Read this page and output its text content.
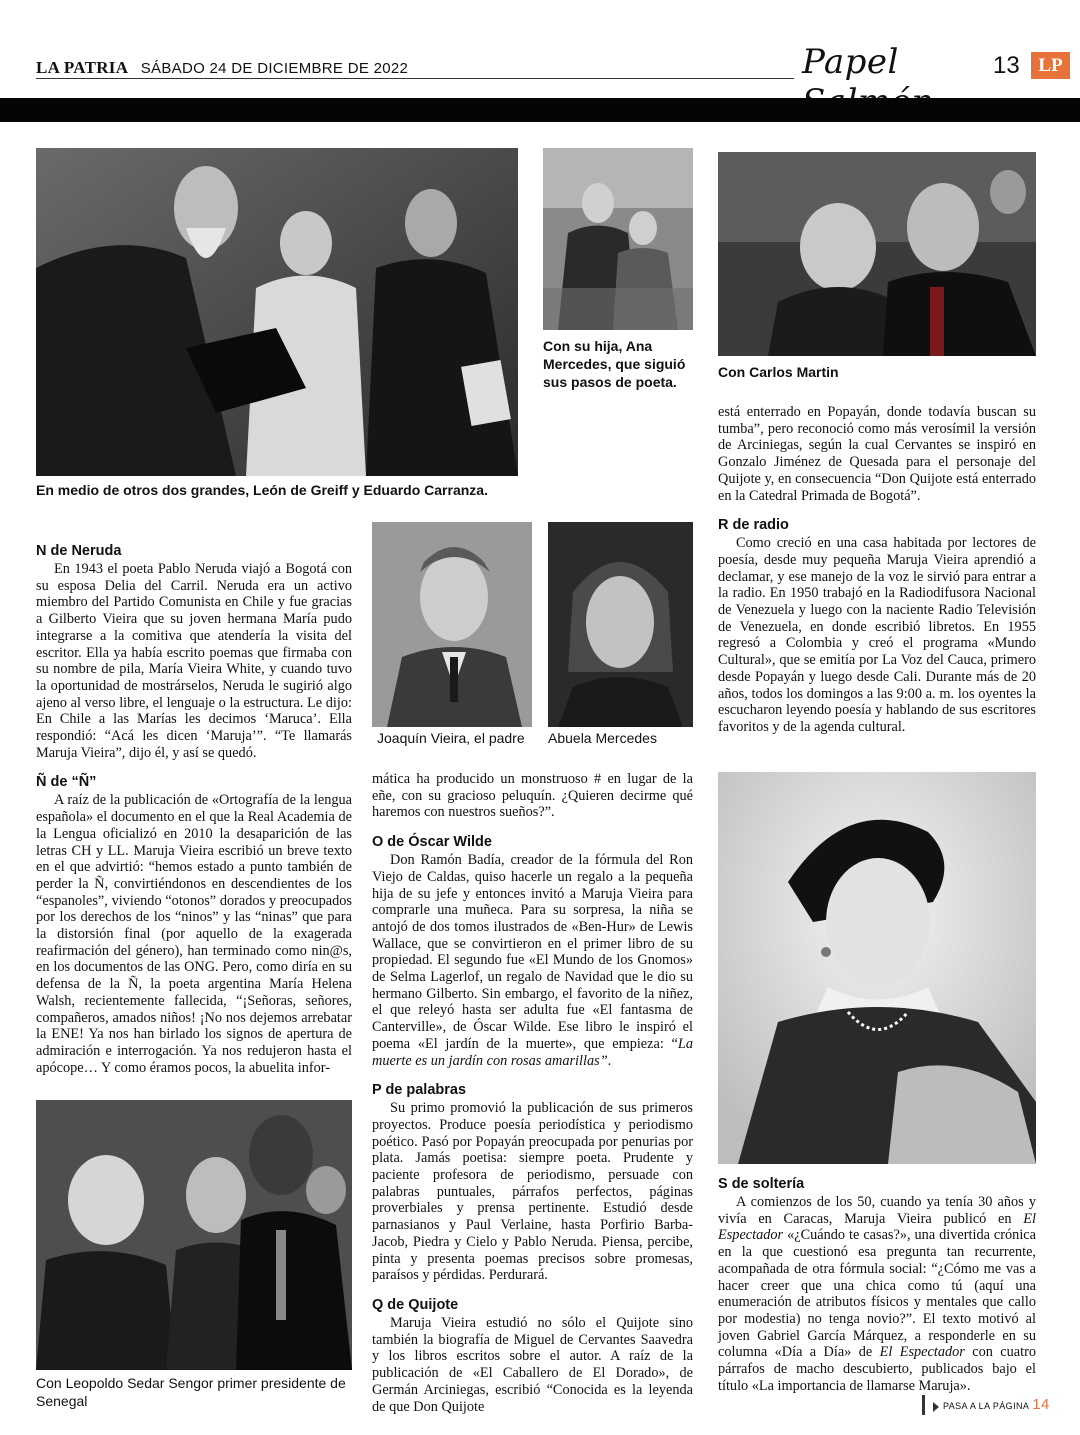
LA PATRIA SÁBADO 24 DE DICIEMBRE DE 2022	Papel	13 LP
En medio de otros dos grandes, León de Greiff y Eduardo Carranza.
Con su hija, Ana Mercedes, que siguió sus pasos de poeta.
Con Carlos Martin
Joaquín Vieira, el padre	Abuela Mercedes
Con Leopoldo Sedar Sengor primer presidente de Senegal
N de Neruda

En 1943 el poeta Pablo Neruda viajó a Bogotá con su esposa Delia del Carril. Neruda era un activo miembro del Partido Comunista en Chile y fue gracias a Gilberto Vieira que su joven hermana María pudo integrarse a la comitiva que atendería la visita del escritor. Ella ya había escrito poemas que firmaba con su nombre de pila, María Vieira White, y cuando tuvo la oportunidad de mostrárselos, Neruda le sugirió algo ajeno al verso libre, el lenguaje o la estructura. Le dijo: En Chile a las Marías les decimos ‘Maruca’. Ella respondió: “Acá les dicen ‘Maruja’”. “Te llamarás Maruja Vieira”, dijo él, y así se quedó.

Ñ de “Ñ”

A raíz de la publicación de «Ortografía de la lengua española» el documento en el que la Real Academia de la Lengua oficializó en 2010 la desaparición de las letras CH y LL. Maruja Vieira escribió un breve texto en el que advirtió: “hemos estado a punto también de perder la Ñ, convirtiéndonos en descendientes de los “espanoles”, viviendo “otonos” dorados y preocupados por los derechos de los “ninos” y las “ninas” que para la distorsión final (por aquello de la exagerada reafirmación del género), han terminado como nin@s, en los documentos de las ONG. Pero, como diría en su defensa de la Ñ, la poeta argentina María Helena Walsh, recientemente fallecida, “¡Señoras, señores, compañeros, amados niños! ¡No nos dejemos arrebatar la ENE! Ya nos han birlado los signos de apertura de admiración e interrogación. Ya nos redujeron hasta el apócope… Y como éramos pocos, la abuelita infor-

mática ha producido un monstruoso # en lugar de la eñe, con su gracioso peluquín. ¿Quieren decirme qué haremos con nuestros sueños?”.

O de Óscar Wilde

Don Ramón Badía, creador de la fórmula del Ron Viejo de Caldas, quiso hacerle un regalo a la pequeña hija de su jefe y entonces invitó a Maruja Vieira para comprarle una muñeca. Para su sorpresa, la niña se antojó de dos tomos ilustrados de «Ben-Hur» de Lewis Wallace, que se convirtieron en el primer libro de su propiedad. El segundo fue «El Mundo de los Gnomos» de Selma Lagerlof, un regalo de Navidad que le dio su hermano Gilberto. Sin embargo, el favorito de la niñez, el que releyó hasta ser adulta fue «El fantasma de Canterville», de Óscar Wilde. Ese libro le inspiró el poema «El jardín de la muerte», que empieza: “La muerte es un jardín con rosas amarillas”.

P de palabras

Su primo promovió la publicación de sus primeros proyectos. Produce poesía periodística y periodismo poético. Pasó por Popayán preocupada por penurias por plata. Jamás poetisa: siempre poeta. Prudente y paciente profesora de periodismo, persuade con palabras puntuales, párrafos perfectos, páginas proverbiales y prensa pertinente. Estudió desde parnasianos y Paul Verlaine, hasta Porfirio Barba-Jacob, Piedra y Cielo y Pablo Neruda. Piensa, percibe, pinta y presenta poemas precisos sobre promesas, paraísos y pérdidas. Perdurará.

Q de Quijote

Maruja Vieira estudió no sólo el Quijote sino también la biografía de Miguel de Cervantes Saavedra y los libros escritos sobre el autor. A raíz de la publicación de «El Caballero de El Dorado», de Germán Arciniegas, escribió “Conocida es la leyenda de que Don Quijote

está enterrado en Popayán, donde todavía buscan su tumba”, pero reconoció como más verosímil la versión de Arciniegas, según la cual Cervantes se inspiró en Gonzalo Jiménez de Quesada para el personaje del Quijote y, en consecuencia “Don Quijote está enterrado en la Catedral Primada de Bogotá”.

R de radio

Como creció en una casa habitada por lectores de poesía, desde muy pequeña Maruja Vieira aprendió a declamar, y ese manejo de la voz le sirvió para entrar a la radio. En 1950 trabajó en la Radiodifusora Nacional de Venezuela y luego con la naciente Radio Televisión de Venezuela, en donde escribió libretos. En 1955 regresó a Colombia y creó el programa «Mundo Cultural», que se emitía por La Voz del Cauca, primero desde Popayán y luego desde Cali. Durante más de 20 años, todos los domingos a las 9:00 a. m. los oyentes la escucharon leyendo poesía y hablando de sus escritores favoritos y de la agenda cultural.

S de soltería

A comienzos de los 50, cuando ya tenía 30 años y vivía en Caracas, Maruja Vieira publicó en El Espectador «¿Cuándo te casas?», una divertida crónica en la que cuestionó esa pregunta tan recurrente, acompañada de otra fórmula social: “¿Cómo me vas a hacer creer que una chica como tú (aquí una enumeración de atributos físicos y mentales que callo por modestia) no tenga novio?”. El texto motivó al joven Gabriel García Márquez, a responderle en su columna «Día a Día» de El Espectador con cuatro párrafos de macho descubierto, publicados bajo el título «La importancia de llamarse Maruja».

PASA A LA PÁGINA 14
